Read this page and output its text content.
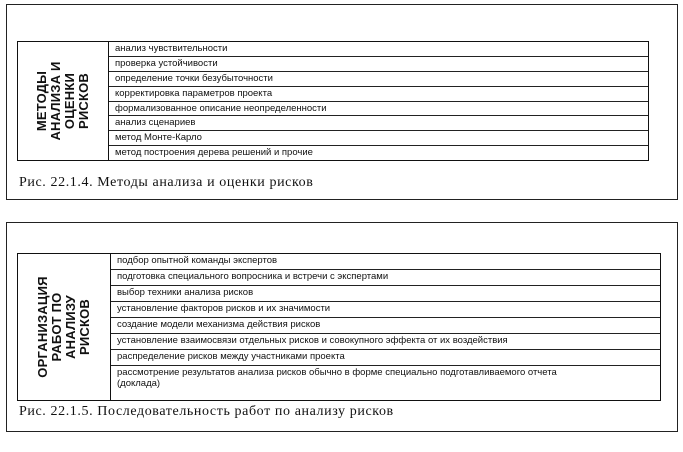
МЕТОДЫ
АНАЛИЗА И
ОЦЕНКИ
РИСКОВ
анализ чувствительности
проверка устойчивости
определение точки безубыточности
корректировка параметров проекта
формализованное описание неопределенности
анализ сценариев
метод Монте-Карло
метод построения дерева решений и прочие
Рис. 22.1.4. Методы анализа и оценки рисков
ОРГАНИЗАЦИЯ
РАБОТ ПО
АНАЛИЗУ
РИСКОВ
подбор опытной команды экспертов
подготовка специального вопросника и встречи с экспертами
выбор техники анализа рисков
установление факторов рисков и их значимости
создание модели механизма действия рисков
установление взаимосвязи отдельных рисков и совокупного эффекта от их воздействия
распределение рисков между участниками проекта
рассмотрение результатов анализа рисков обычно в форме специально подготавливаемого отчета (доклада)
Рис. 22.1.5. Последовательность работ по анализу рисков
